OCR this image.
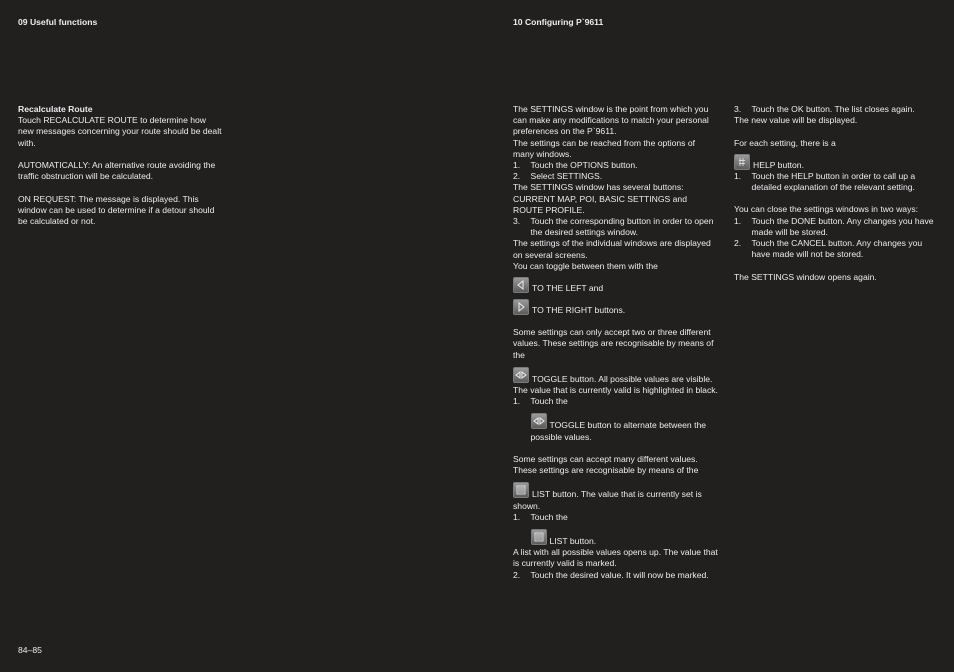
09 Useful functions

Recalculate Route

Touch RECALCULATE ROUTE to determine how new messages concerning your route should be dealt with.

AUTOMATICALLY: An alternative route avoiding the traffic obstruction will be calculated.

ON REQUEST: The message is displayed. This window can be used to determine if a detour should be calculated or not.

84–85
10 Configuring P`9611

The SETTINGS window is the point from which you can make any modifications to match your personal preferences on the P`9611.

The settings can be reached from the options of many windows.

1.	Touch the OPTIONS button.
2.	Select SETTINGS.

The SETTINGS window has several buttons: CURRENT MAP, POI, BASIC SETTINGS and ROUTE PROFILE.

3.	Touch the corresponding button in order to open the desired settings window.

The settings of the individual windows are displayed on several screens.

You can toggle between them with the

TO THE LEFT and
TO THE RIGHT buttons.

Some settings can only accept two or three different values. These settings are recognisable by means of the

TOGGLE button. All possible values are visible. The value that is currently valid is highlighted in black.
1.	Touch the
TOGGLE button to alternate between the possible values.

Some settings can accept many different values. These settings are recognisable by means of the

LIST button. The value that is currently set is shown.
1.	Touch the
LIST button.

A list with all possible values opens up. The value that is currently valid is marked.

2.	Touch the desired value. It will now be marked.
3.	Touch the OK button. The list closes again.

The new value will be displayed.

For each setting, there is a

HELP button.
1.	Touch the HELP button in order to call up a detailed explanation of the relevant setting.

You can close the settings windows in two ways:

1.	Touch the DONE button. Any changes you have made will be stored.
2.	Touch the CANCEL button. Any changes you have made will not be stored.

The SETTINGS window opens again.
